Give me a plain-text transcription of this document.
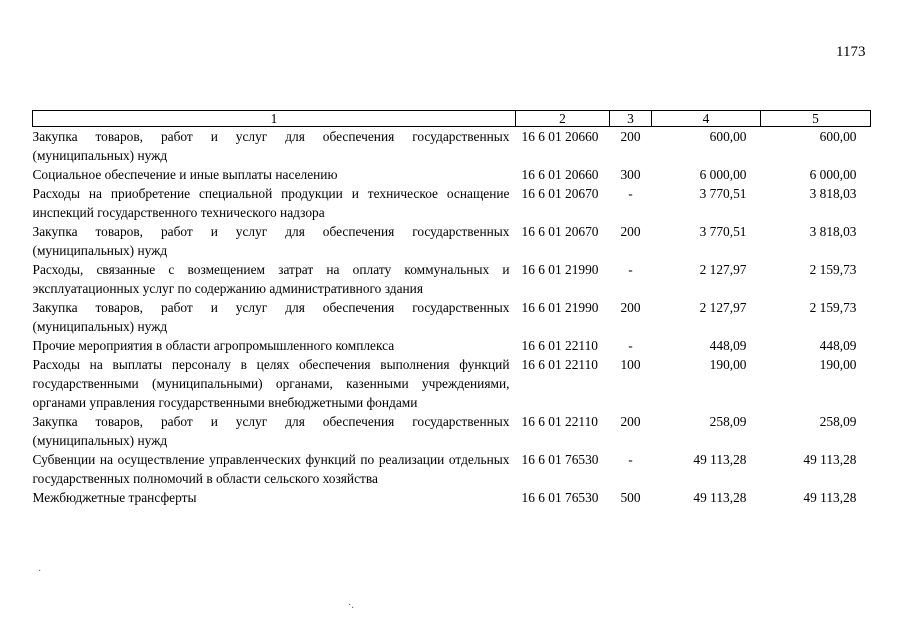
1173
1	2	3	4	5
Закупка товаров, работ и услуг для обеспечения государственных (муниципальных) нужд	16 6 01 20660	200	600,00	600,00
Социальное обеспечение и иные выплаты населению	16 6 01 20660	300	6 000,00	6 000,00
Расходы на приобретение специальной продукции и техническое оснащение инспекций государственного технического надзора	16 6 01 20670	-	3 770,51	3 818,03
Закупка товаров, работ и услуг для обеспечения государственных (муниципальных) нужд	16 6 01 20670	200	3 770,51	3 818,03
Расходы, связанные с возмещением затрат на оплату коммунальных и эксплуатационных услуг по содержанию административного здания	16 6 01 21990	-	2 127,97	2 159,73
Закупка товаров, работ и услуг для обеспечения государственных (муниципальных) нужд	16 6 01 21990	200	2 127,97	2 159,73
Прочие мероприятия в области агропромышленного комплекса	16 6 01 22110	-	448,09	448,09
Расходы на выплаты персоналу в целях обеспечения выполнения функций государственными (муниципальными) органами, казенными учреждениями, органами управления государственными внебюджетными фондами	16 6 01 22110	100	190,00	190,00
Закупка товаров, работ и услуг для обеспечения государственных (муниципальных) нужд	16 6 01 22110	200	258,09	258,09
Субвенции на осуществление управленческих функций по реализации отдельных государственных полномочий в области сельского хозяйства	16 6 01 76530	-	49 113,28	49 113,28
Межбюджетные трансферты	16 6 01 76530	500	49 113,28	49 113,28
·
·.
